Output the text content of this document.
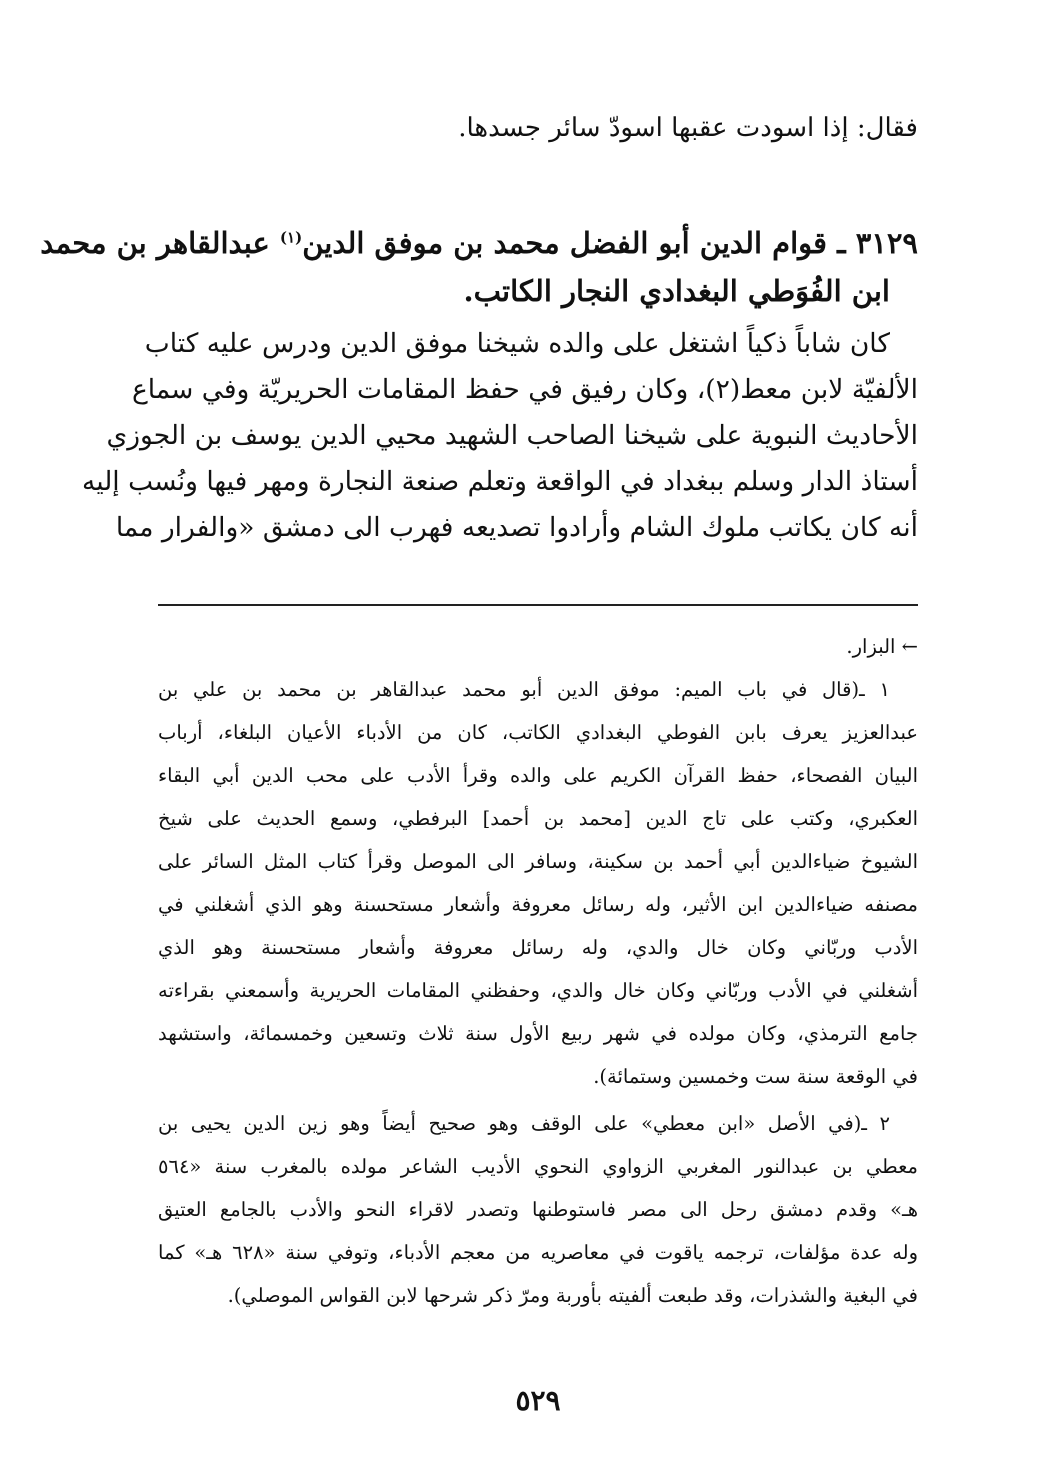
فقال: إذا اسودت عقبها اسودّ سائر جسدها.
٣١٢٩ ـ قوام الدين أبو الفضل محمد بن موفق الدين$^{(١)}$ عبدالقاهر بن محمد
ابن الفُوَطي البغدادي النجار الكاتب.
كان شاباً ذكياً اشتغل على والده شيخنا موفق الدين ودرس عليه كتاب
الألفيّة لابن معط(٢)، وكان رفيق في حفظ المقامات الحريريّة وفي سماع
الأحاديث النبوية على شيخنا الصاحب الشهيد محيي الدين يوسف بن الجوزي
أستاذ الدار وسلم ببغداد في الواقعة وتعلم صنعة النجارة ومهر فيها ونُسب إليه
أنه كان يكاتب ملوك الشام وأرادوا تصديعه فهرب الى دمشق «والفرار مما
← البزار.
١ ـ(قال في باب الميم: موفق الدين أبو محمد عبدالقاهر بن محمد بن علي بن
عبدالعزيز يعرف بابن الفوطي البغدادي الكاتب، كان من الأدباء الأعيان البلغاء، أرباب
البيان الفصحاء، حفظ القرآن الكريم على والده وقرأ الأدب على محب الدين أبي البقاء
العكبري، وكتب على تاج الدين [محمد بن أحمد] البرفطي، وسمع الحديث على شيخ
الشيوخ ضياءالدين أبي أحمد بن سكينة، وسافر الى الموصل وقرأ كتاب المثل السائر على
مصنفه ضياءالدين ابن الأثير، وله رسائل معروفة وأشعار مستحسنة وهو الذي أشغلني في
الأدب وربّاني وكان خال والدي، وله رسائل معروفة وأشعار مستحسنة وهو الذي
أشغلني في الأدب وربّاني وكان خال والدي، وحفظني المقامات الحريرية وأسمعني بقراءته
جامع الترمذي، وكان مولده في شهر ربيع الأول سنة ثلاث وتسعين وخمسمائة، واستشهد
في الوقعة سنة ست وخمسين وستمائة).
٢ ـ(في الأصل «ابن معطي» على الوقف وهو صحيح أيضاً وهو زين الدين يحيى بن
معطي بن عبدالنور المغربي الزواوي النحوي الأديب الشاعر مولده بالمغرب سنة «٥٦٤
هـ» وقدم دمشق رحل الى مصر فاستوطنها وتصدر لاقراء النحو والأدب بالجامع العتيق
وله عدة مؤلفات، ترجمه ياقوت في معاصريه من معجم الأدباء، وتوفي سنة «٦٢٨ هـ» كما
في البغية والشذرات، وقد طبعت ألفيته بأوربة ومرّ ذكر شرحها لابن القواس الموصلي).
٥٢٩
